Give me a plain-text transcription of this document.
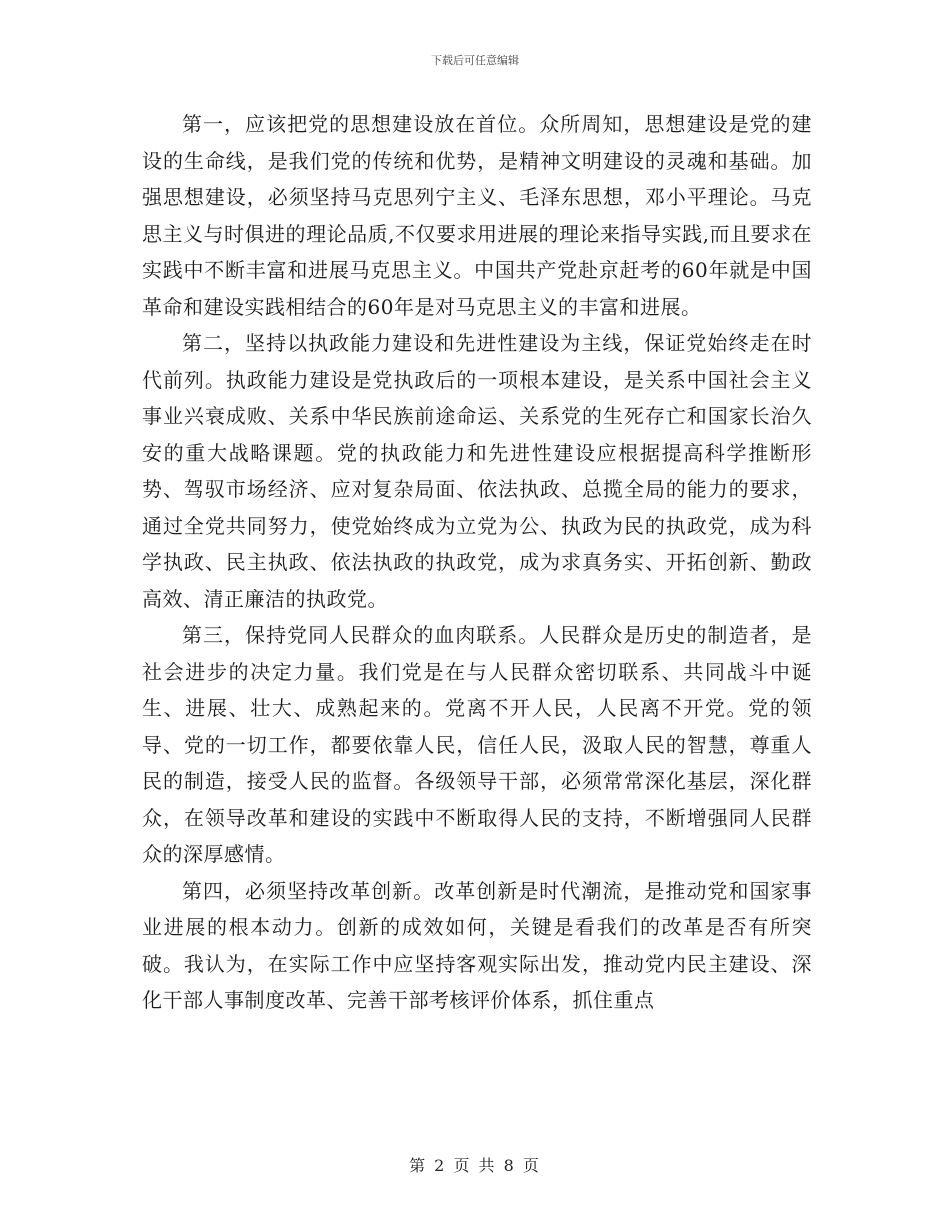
下载后可任意编辑

第一，应该把党的思想建设放在首位。众所周知，思想建设是党的建设的生命线，是我们党的传统和优势，是精神文明建设的灵魂和基础。加强思想建设，必须坚持马克思列宁主义、毛泽东思想，邓小平理论。马克思主义与时俱进的理论品质,不仅要求用进展的理论来指导实践,而且要求在实践中不断丰富和进展马克思主义。中国共产党赴京赶考的60年就是中国革命和建设实践相结合的60年是对马克思主义的丰富和进展。

第二，坚持以执政能力建设和先进性建设为主线，保证党始终走在时代前列。执政能力建设是党执政后的一项根本建设，是关系中国社会主义事业兴衰成败、关系中华民族前途命运、关系党的生死存亡和国家长治久安的重大战略课题。党的执政能力和先进性建设应根据提高科学推断形势、驾驭市场经济、应对复杂局面、依法执政、总揽全局的能力的要求，通过全党共同努力，使党始终成为立党为公、执政为民的执政党，成为科学执政、民主执政、依法执政的执政党，成为求真务实、开拓创新、勤政高效、清正廉洁的执政党。

第三，保持党同人民群众的血肉联系。人民群众是历史的制造者，是社会进步的决定力量。我们党是在与人民群众密切联系、共同战斗中诞生、进展、壮大、成熟起来的。党离不开人民，人民离不开党。党的领导、党的一切工作，都要依靠人民，信任人民，汲取人民的智慧，尊重人民的制造，接受人民的监督。各级领导干部，必须常常深化基层，深化群众，在领导改革和建设的实践中不断取得人民的支持，不断增强同人民群众的深厚感情。

第四，必须坚持改革创新。改革创新是时代潮流，是推动党和国家事业进展的根本动力。创新的成效如何，关键是看我们的改革是否有所突破。我认为，在实际工作中应坚持客观实际出发，推动党内民主建设、深化干部人事制度改革、完善干部考核评价体系，抓住重点

第 2 页 共 8 页
